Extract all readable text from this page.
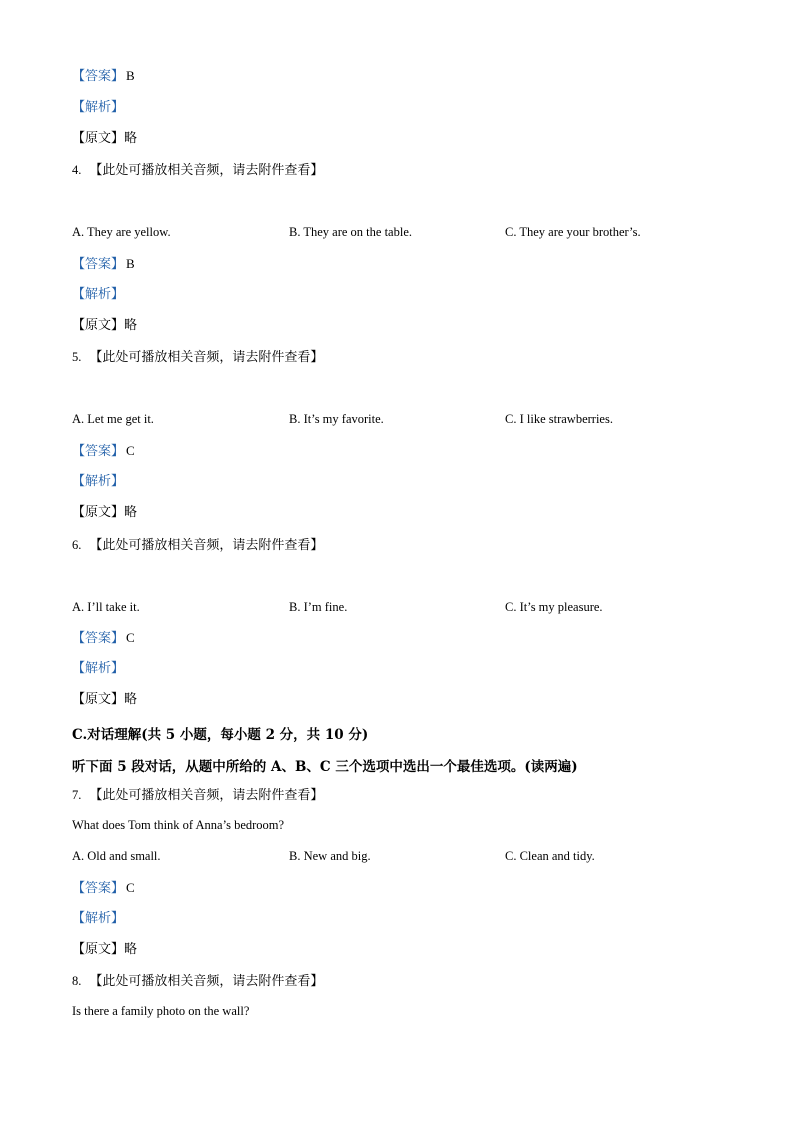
【答案】 B
【解析】
【原文】略
4. 【此处可播放相关音频，请去附件查看】
A. They are yellow.	B. They are on the table.	C. They are your brother’s.
【答案】 B
【解析】
【原文】略
5. 【此处可播放相关音频，请去附件查看】
A. Let me get it.	B. It’s my favorite.	C. I like strawberries.
【答案】 C
【解析】
【原文】略
6. 【此处可播放相关音频，请去附件查看】
A. I’ll take it.	B. I’m fine.	C. It’s my pleasure.
【答案】 C
【解析】
【原文】略
C.对话理解(共 5 小题，每小题 2 分，共 10 分)
听下面 5 段对话，从题中所给的 A、B、C 三个选项中选出一个最佳选项。(读两遍)
7. 【此处可播放相关音频，请去附件查看】
What does Tom think of Anna’s bedroom?
A. Old and small.	B. New and big.	C. Clean and tidy.
【答案】 C
【解析】
【原文】略
8. 【此处可播放相关音频，请去附件查看】
Is there a family photo on the wall?
